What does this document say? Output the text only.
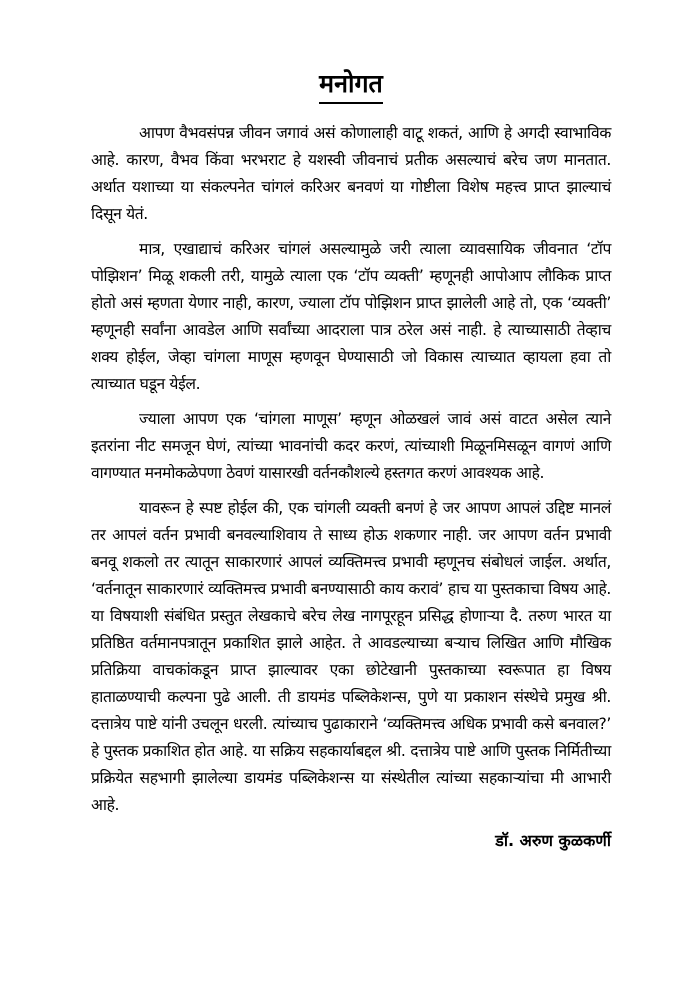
मनोगत

आपण वैभवसंपन्न जीवन जगावं असं कोणालाही वाटू शकतं, आणि हे अगदी स्वाभाविक आहे. कारण, वैभव किंवा भरभराट हे यशस्वी जीवनाचं प्रतीक असल्याचं बरेच जण मानतात. अर्थात यशाच्या या संकल्पनेत चांगलं करिअर बनवणं या गोष्टीला विशेष महत्त्व प्राप्त झाल्याचं दिसून येतं.

मात्र, एखाद्याचं करिअर चांगलं असल्यामुळे जरी त्याला व्यावसायिक जीवनात ‘टॉप पोझिशन’ मिळू शकली तरी, यामुळे त्याला एक ‘टॉप व्यक्ती’ म्हणूनही आपोआप लौकिक प्राप्त होतो असं म्हणता येणार नाही, कारण, ज्याला टॉप पोझिशन प्राप्त झालेली आहे तो, एक ‘व्यक्ती’ म्हणूनही सर्वांना आवडेल आणि सर्वांच्या आदराला पात्र ठरेल असं नाही. हे त्याच्यासाठी तेव्हाच शक्य होईल, जेव्हा चांगला माणूस म्हणवून घेण्यासाठी जो विकास त्याच्यात व्हायला हवा तो त्याच्यात घडून येईल.

ज्याला आपण एक ‘चांगला माणूस’ म्हणून ओळखलं जावं असं वाटत असेल त्याने इतरांना नीट समजून घेणं, त्यांच्या भावनांची कदर करणं, त्यांच्याशी मिळूनमिसळून वागणं आणि वागण्यात मनमोकळेपणा ठेवणं यासारखी वर्तनकौशल्ये हस्तगत करणं आवश्यक आहे.

यावरून हे स्पष्ट होईल की, एक चांगली व्यक्ती बनणं हे जर आपण आपलं उद्दिष्ट मानलं तर आपलं वर्तन प्रभावी बनवल्याशिवाय ते साध्य होऊ शकणार नाही. जर आपण वर्तन प्रभावी बनवू शकलो तर त्यातून साकारणारं आपलं व्यक्तिमत्त्व प्रभावी म्हणूनच संबोधलं जाईल. अर्थात, ‘वर्तनातून साकारणारं व्यक्तिमत्त्व प्रभावी बनण्यासाठी काय करावं’ हाच या पुस्तकाचा विषय आहे. या विषयाशी संबंधित प्रस्तुत लेखकाचे बरेच लेख नागपूरहून प्रसिद्ध होणाऱ्या दै. तरुण भारत या प्रतिष्ठित वर्तमानपत्रातून प्रकाशित झाले आहेत. ते आवडल्याच्या बऱ्याच लिखित आणि मौखिक प्रतिक्रिया वाचकांकडून प्राप्त झाल्यावर एका छोटेखानी पुस्तकाच्या स्वरूपात हा विषय हाताळण्याची कल्पना पुढे आली. ती डायमंड पब्लिकेशन्स, पुणे या प्रकाशन संस्थेचे प्रमुख श्री. दत्तात्रेय पाष्टे यांनी उचलून धरली. त्यांच्याच पुढाकाराने ‘व्यक्तिमत्त्व अधिक प्रभावी कसे बनवाल?’ हे पुस्तक प्रकाशित होत आहे. या सक्रिय सहकार्याबद्दल श्री. दत्तात्रेय पाष्टे आणि पुस्तक निर्मितीच्या प्रक्रियेत सहभागी झालेल्या डायमंड पब्लिकेशन्स या संस्थेतील त्यांच्या सहकाऱ्यांचा मी आभारी आहे.

डॉ. अरुण कुळकर्णी
